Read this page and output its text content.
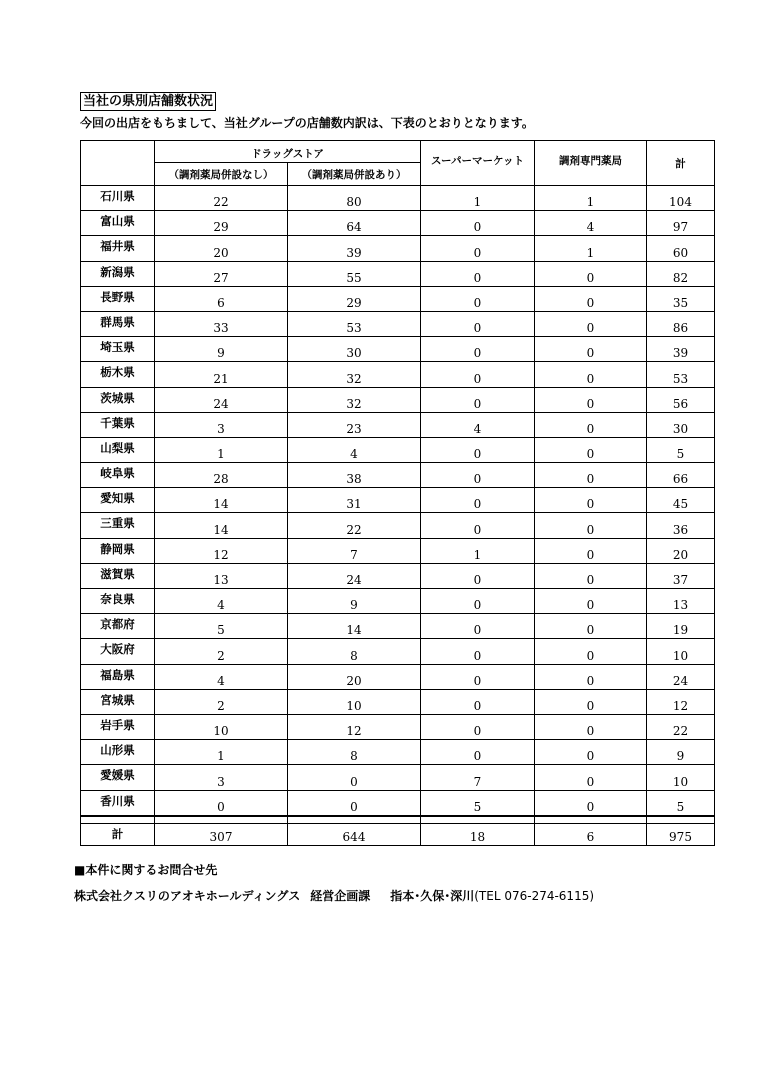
当社の県別店舗数状況
今回の出店をもちまして、当社グループの店舗数内訳は、下表のとおりとなります。
	ドラッグストア		スーパーマーケット	調剤専門薬局	計
	（調剤薬局併設なし）	（調剤薬局併設あり）			
石川県	22	80	1	1	104
富山県	29	64	0	4	97
福井県	20	39	0	1	60
新潟県	27	55	0	0	82
長野県	6	29	0	0	35
群馬県	33	53	0	0	86
埼玉県	9	30	0	0	39
栃木県	21	32	0	0	53
茨城県	24	32	0	0	56
千葉県	3	23	4	0	30
山梨県	1	4	0	0	5
岐阜県	28	38	0	0	66
愛知県	14	31	0	0	45
三重県	14	22	0	0	36
静岡県	12	7	1	0	20
滋賀県	13	24	0	0	37
奈良県	4	9	0	0	13
京都府	5	14	0	0	19
大阪府	2	8	0	0	10
福島県	4	20	0	0	24
宮城県	2	10	0	0	12
岩手県	10	12	0	0	22
山形県	1	8	0	0	9
愛媛県	3	0	7	0	10
香川県	0	0	5	0	5

計	307	644	18	6	975
■本件に関するお問合せ先
株式会社クスリのアオキホールディングス 経営企画課 指本･久保･深川(TEL 076-274-6115)
